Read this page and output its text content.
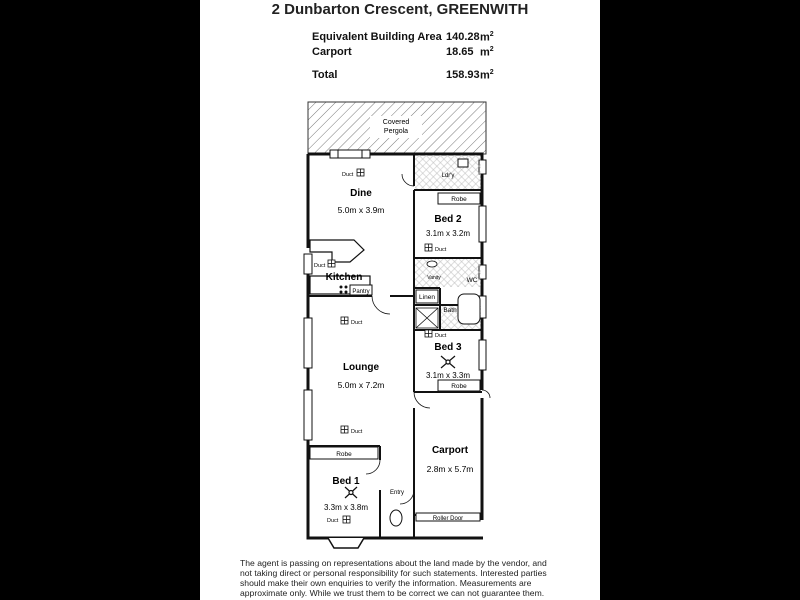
2 Dunbarton Crescent, GREENWITH
Equivalent Building Area 140.28 $m^2$
Carport	18.65 $m^2$
Total	158.93 $m^2$
Covered
Pergola
Ldr'y
Dine
5.0m x 3.9m
Duct
Robe
Bed 2
3.1m x 3.2m
Duct
Duct
Kitchen
Pantry
Vanity	WC
Linen
Bath
Duct
Lounge
5.0m x 7.2m
Duct
Duct
Bed 3
3.1m x 3.3m
Robe
Carport
2.8m x 5.7m
Roller Door
Robe
Bed 1
3.3m x 3.8m
Duct
Entry
The agent is passing on representations about the land made by the vendor, and not taking direct or personal responsibility for such statements. Interested parties should make their own enquiries to verify the information. Measurements are approximate only. While we trust them to be correct we can not guarantee them.
